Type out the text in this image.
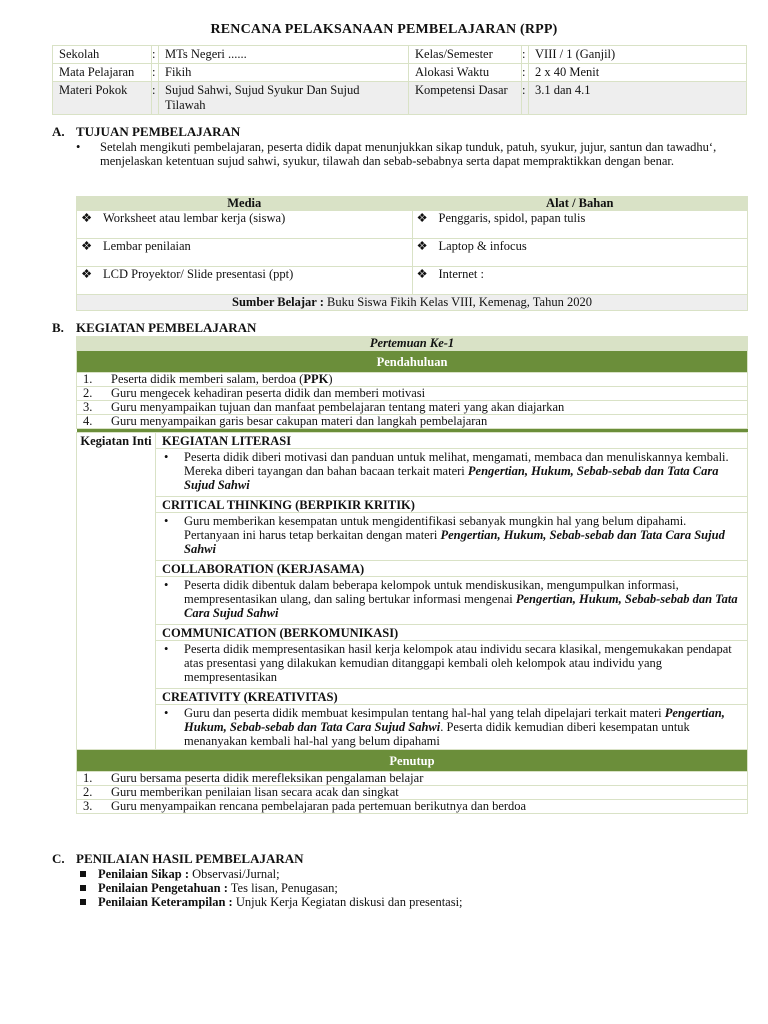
RENCANA PELAKSANAAN PEMBELAJARAN (RPP)
Sekolah	:	MTs Negeri ......	Kelas/Semester	:	VIII / 1 (Ganjil)
Mata Pelajaran	:	Fikih	Alokasi Waktu	:	2 x 40 Menit
Materi Pokok	:	Sujud Sahwi, Sujud Syukur Dan Sujud Tilawah	Kompetensi Dasar	:	3.1 dan 4.1
A. TUJUAN PEMBELAJARAN
• Setelah mengikuti pembelajaran, peserta didik dapat menunjukkan sikap tunduk, patuh, syukur, jujur, santun dan tawadhuʻ, menjelaskan ketentuan sujud sahwi, syukur, tilawah dan sebab-sebabnya serta dapat mempraktikkan dengan benar.
Media	Alat / Bahan
❖ Worksheet atau lembar kerja (siswa)	❖ Penggaris, spidol, papan tulis
❖ Lembar penilaian	❖ Laptop & infocus
❖ LCD Proyektor/ Slide presentasi (ppt)	❖ Internet :
Sumber Belajar : Buku Siswa Fikih Kelas VIII, Kemenag, Tahun 2020	
B. KEGIATAN PEMBELAJARAN
Pertemuan Ke-1
Pendahuluan
1. Peserta didik memberi salam, berdoa (PPK)
2. Guru mengecek kehadiran peserta didik dan memberi motivasi
3. Guru menyampaikan tujuan dan manfaat pembelajaran tentang materi yang akan diajarkan
4. Guru menyampaikan garis besar cakupan materi dan langkah pembelajaran

Kegiatan Inti	KEGIATAN LITERASI

• Peserta didik diberi motivasi dan panduan untuk melihat, mengamati, membaca dan menuliskannya kembali. Mereka diberi tayangan dan bahan bacaan terkait materi Pengertian, Hukum, Sebab-sebab dan Tata Cara Sujud Sahwi
CRITICAL THINKING (BERPIKIR KRITIK)

• Guru memberikan kesempatan untuk mengidentifikasi sebanyak mungkin hal yang belum dipahami. Pertanyaan ini harus tetap berkaitan dengan materi Pengertian, Hukum, Sebab-sebab dan Tata Cara Sujud Sahwi
COLLABORATION (KERJASAMA)

• Peserta didik dibentuk dalam beberapa kelompok untuk mendiskusikan, mengumpulkan informasi, mempresentasikan ulang, dan saling bertukar informasi mengenai Pengertian, Hukum, Sebab-sebab dan Tata Cara Sujud Sahwi
COMMUNICATION (BERKOMUNIKASI)

• Peserta didik mempresentasikan hasil kerja kelompok atau individu secara klasikal, mengemukakan pendapat atas presentasi yang dilakukan kemudian ditanggapi kembali oleh kelompok atau individu yang mempresentasikan
CREATIVITY (KREATIVITAS)

• Guru dan peserta didik membuat kesimpulan tentang hal-hal yang telah dipelajari terkait materi Pengertian, Hukum, Sebab-sebab dan Tata Cara Sujud Sahwi. Peserta didik kemudian diberi kesempatan untuk menanyakan kembali hal-hal yang belum dipahami
Penutup
1. Guru bersama peserta didik merefleksikan pengalaman belajar
2. Guru memberikan penilaian lisan secara acak dan singkat
3. Guru menyampaikan rencana pembelajaran pada pertemuan berikutnya dan berdoa
C. PENILAIAN HASIL PEMBELAJARAN
Penilaian Sikap : Observasi/Jurnal;
Penilaian Pengetahuan : Tes lisan, Penugasan;
Penilaian Keterampilan : Unjuk Kerja Kegiatan diskusi dan presentasi;
